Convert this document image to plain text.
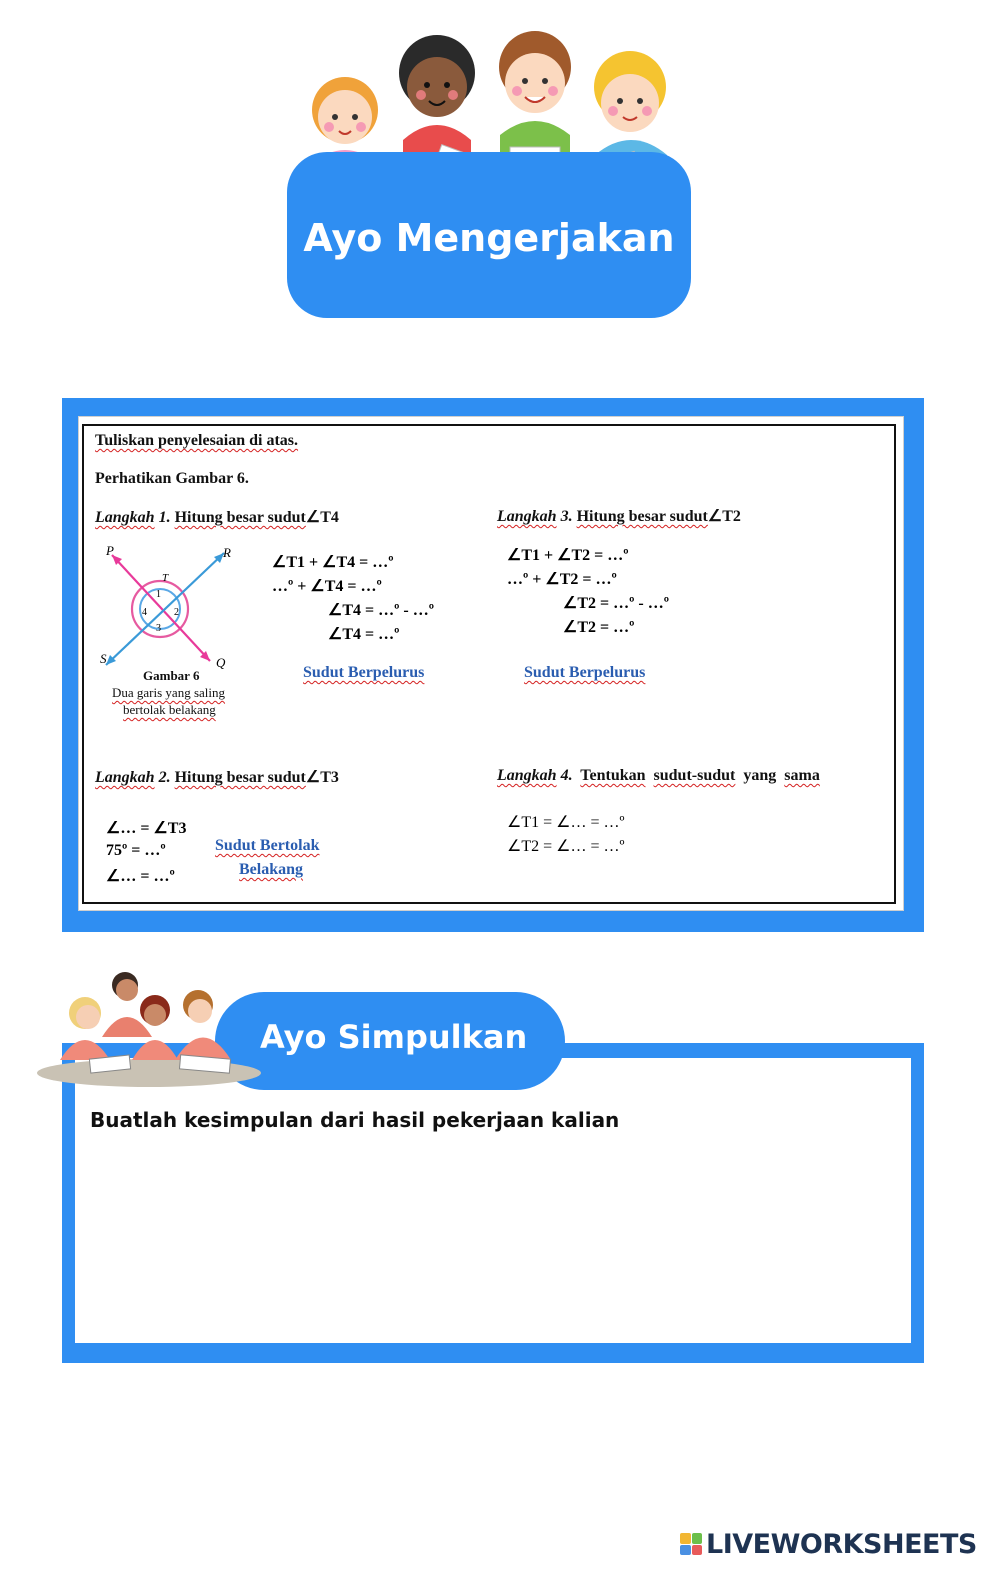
Ayo Mengerjakan
Tuliskan penyelesaian di atas.
Perhatikan Gambar 6.
Langkah 1. Hitung besar sudut∠T4
∠T1 + ∠T4 = …º
…º + ∠T4 = …º
∠T4 = …º - …º
∠T4 = …º
Sudut Berpelurus
P	R
S	Q
T
1
2
3
4
Gambar 6
Dua garis yang saling
bertolak belakang
Langkah 3. Hitung besar sudut∠T2
∠T1 + ∠T2 = …º
…º + ∠T2 = …º
∠T2 = …º - …º
∠T2 = …º
Sudut Berpelurus
Langkah 2. Hitung besar sudut∠T3
∠… = ∠T3
75º = …º
∠… = …º
Sudut Bertolak
Belakang
Langkah 4. Tentukan sudut-sudut yang sama
∠T1 = ∠… = …º
∠T2 = ∠… = …º
Ayo Simpulkan
Buatlah kesimpulan dari hasil pekerjaan kalian
LIVEWORKSHEETS
